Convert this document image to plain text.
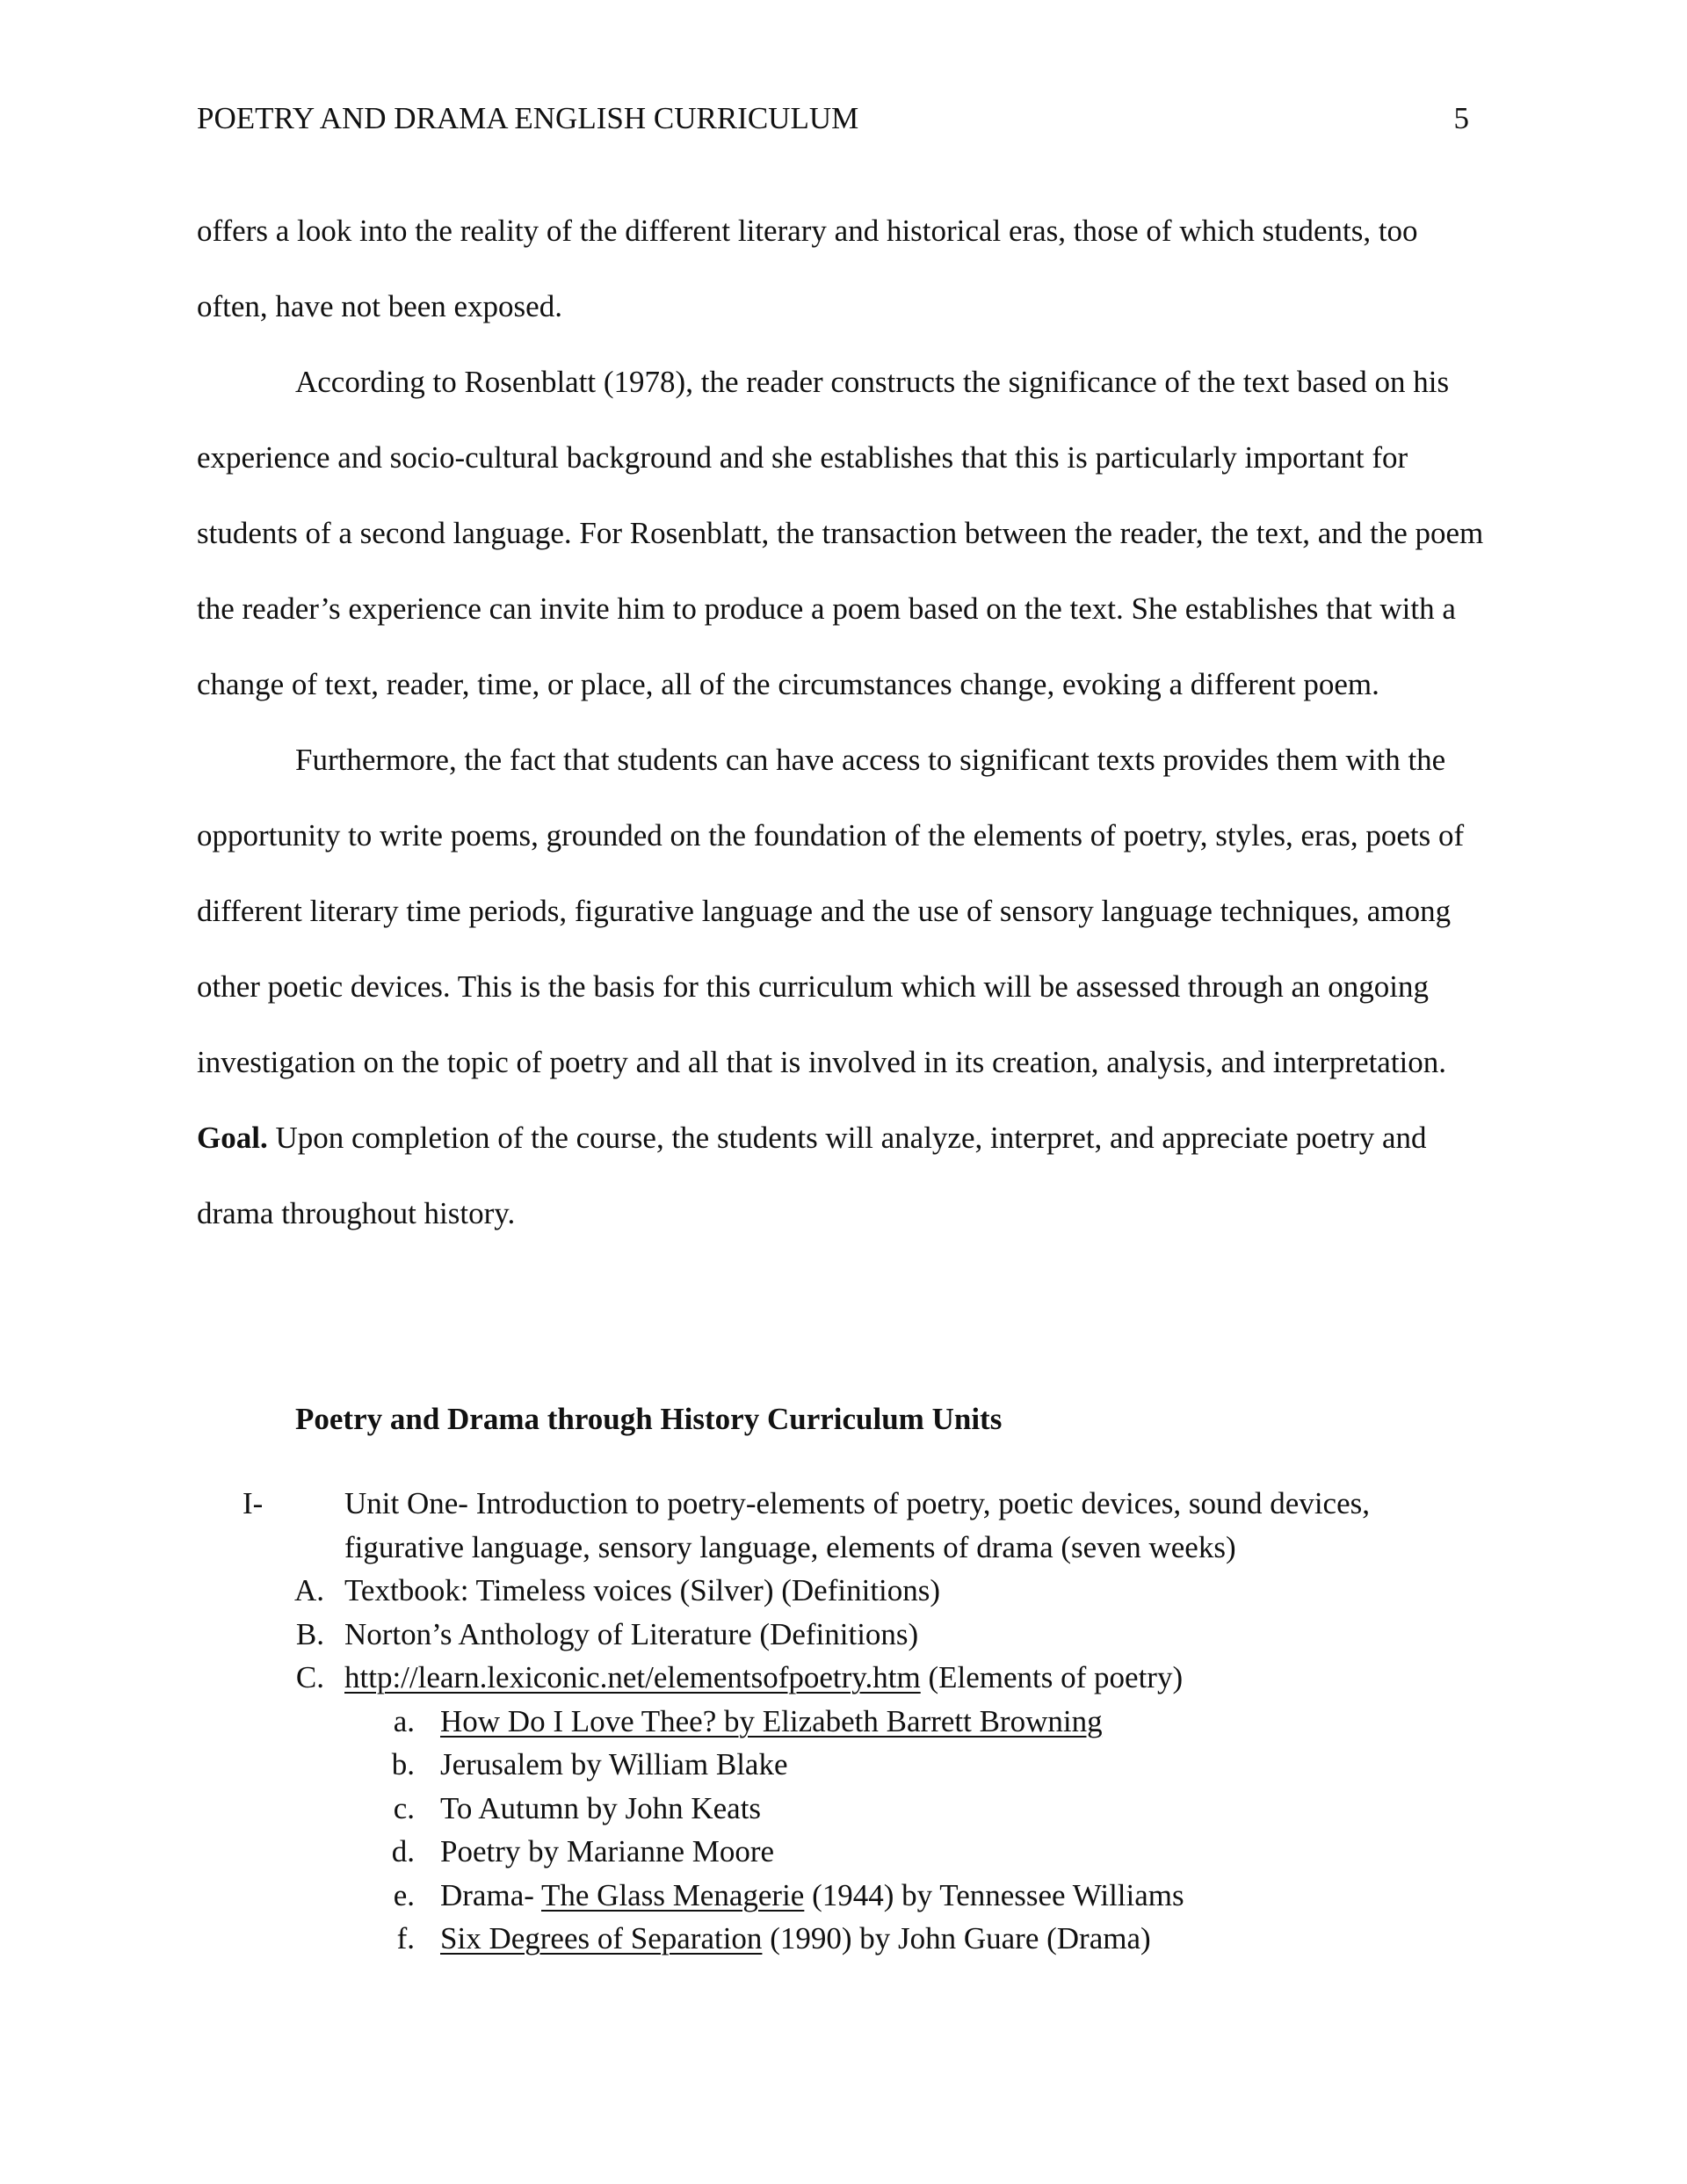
POETRY AND DRAMA ENGLISH CURRICULUM	5

offers a look into the reality of the different literary and historical eras, those of which students, too often, have not been exposed.

According to Rosenblatt (1978), the reader constructs the significance of the text based on his experience and socio-cultural background and she establishes that this is particularly important for students of a second language. For Rosenblatt, the transaction between the reader, the text, and the poem the reader’s experience can invite him to produce a poem based on the text. She establishes that with a change of text, reader, time, or place, all of the circumstances change, evoking a different poem.

Furthermore, the fact that students can have access to significant texts provides them with the opportunity to write poems, grounded on the foundation of the elements of poetry, styles, eras, poets of different literary time periods, figurative language and the use of sensory language techniques, among other poetic devices. This is the basis for this curriculum which will be assessed through an ongoing investigation on the topic of poetry and all that is involved in its creation, analysis, and interpretation.

Goal. Upon completion of the course, the students will analyze, interpret, and appreciate poetry and drama throughout history.

Poetry and Drama through History Curriculum Units
I-	Unit One- Introduction to poetry-elements of poetry, poetic devices, sound devices,
figurative language, sensory language, elements of drama (seven weeks)
A. Textbook: Timeless voices (Silver) (Definitions)
B. Norton’s Anthology of Literature (Definitions)
C. http://learn.lexiconic.net/elementsofpoetry.htm (Elements of poetry)
a. How Do I Love Thee? by Elizabeth Barrett Browning
b. Jerusalem by William Blake
c. To Autumn by John Keats
d. Poetry by Marianne Moore
e. Drama- The Glass Menagerie (1944) by Tennessee Williams
f. Six Degrees of Separation (1990) by John Guare (Drama)
